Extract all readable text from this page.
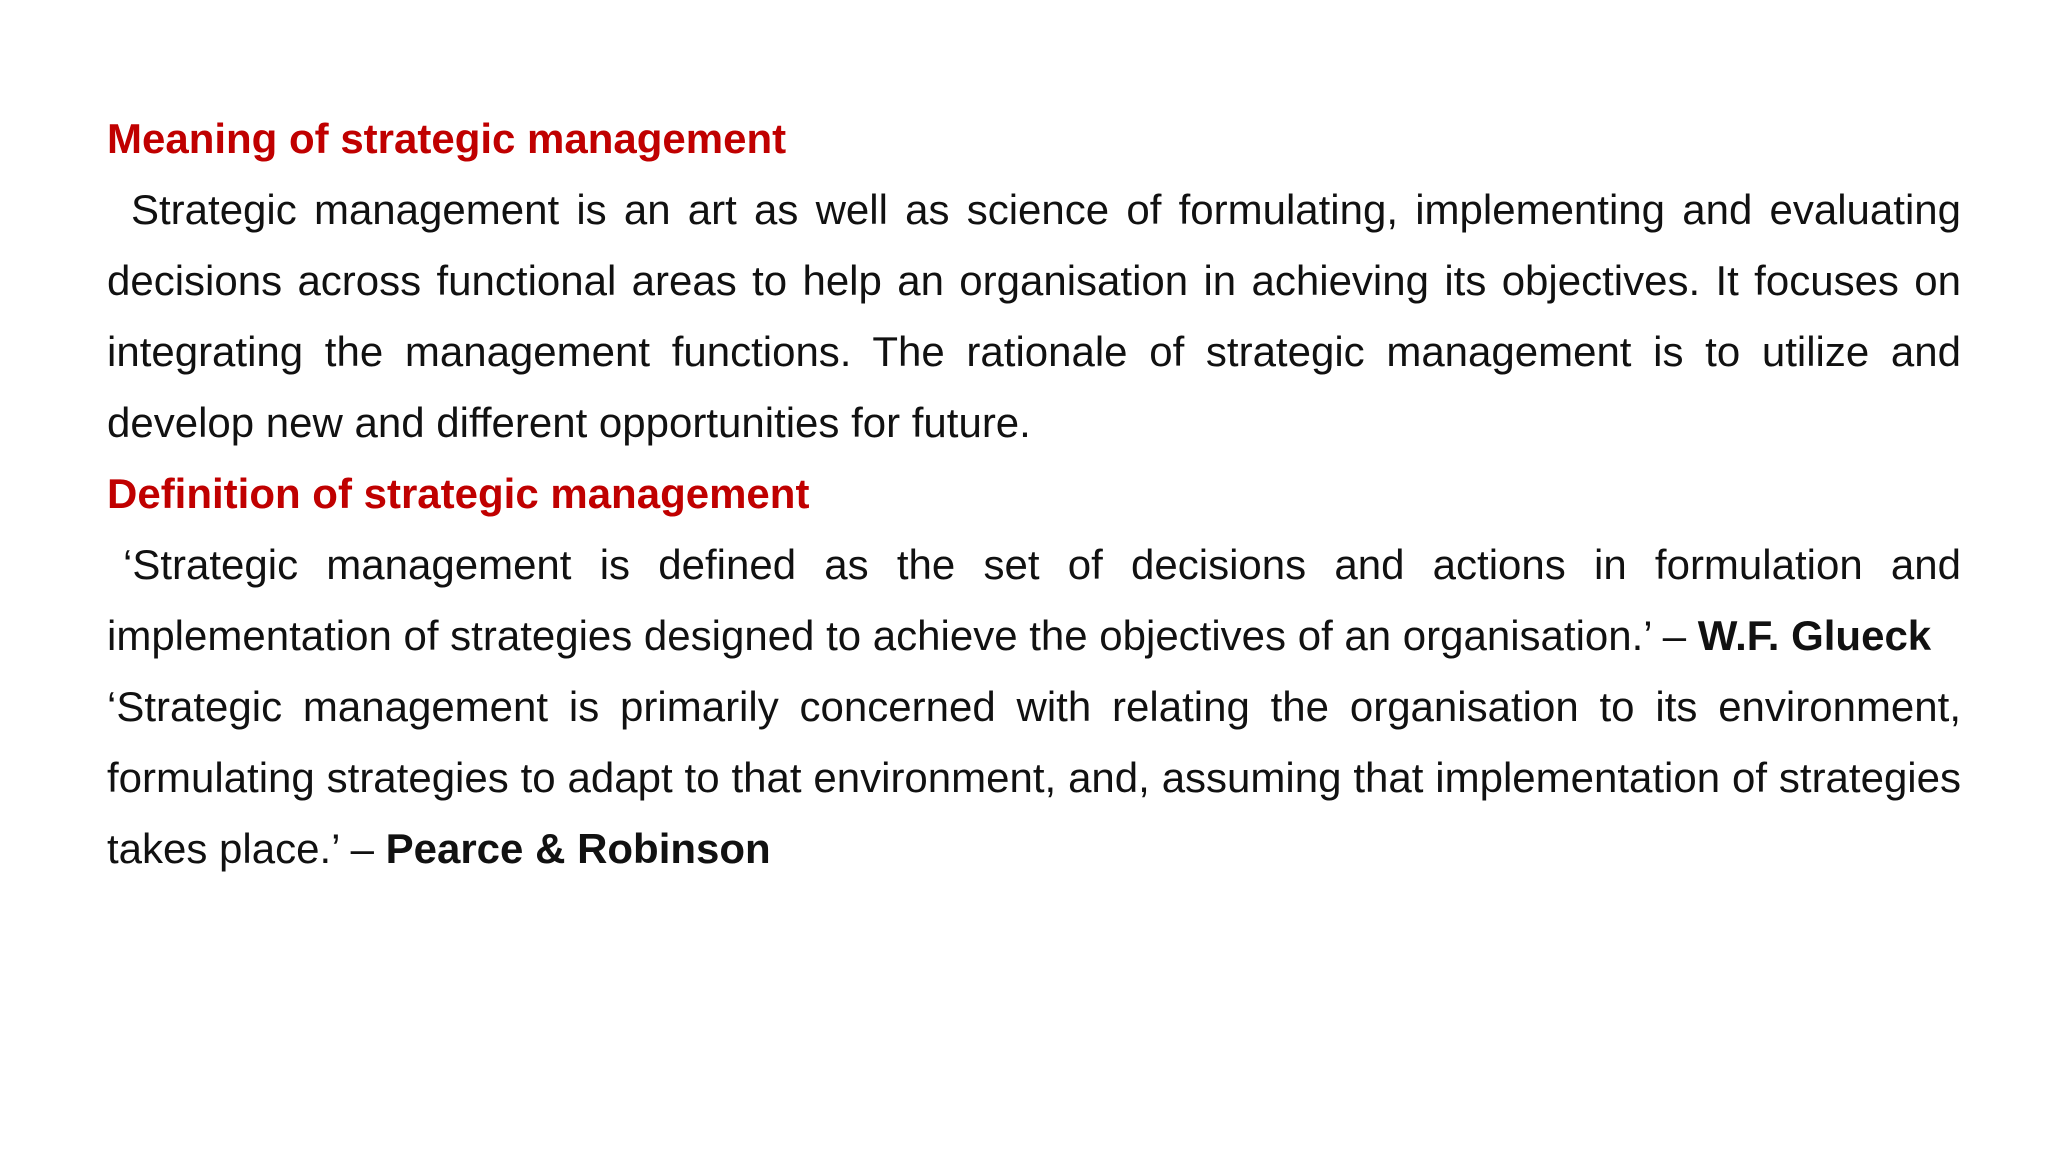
Meaning of strategic management

Strategic management is an art as well as science of formulating, implementing and evaluating decisions across functional areas to help an organisation in achieving its objectives. It focuses on integrating the management functions. The rationale of strategic management is to utilize and develop new and different opportunities for future.

Definition of strategic management

‘Strategic management is defined as the set of decisions and actions in formulation and implementation of strategies designed to achieve the objectives of an organisation.’ – W.F. Glueck

‘Strategic management is primarily concerned with relating the organisation to its environment, formulating strategies to adapt to that environment, and, assuming that implementation of strategies takes place.’ – Pearce & Robinson
